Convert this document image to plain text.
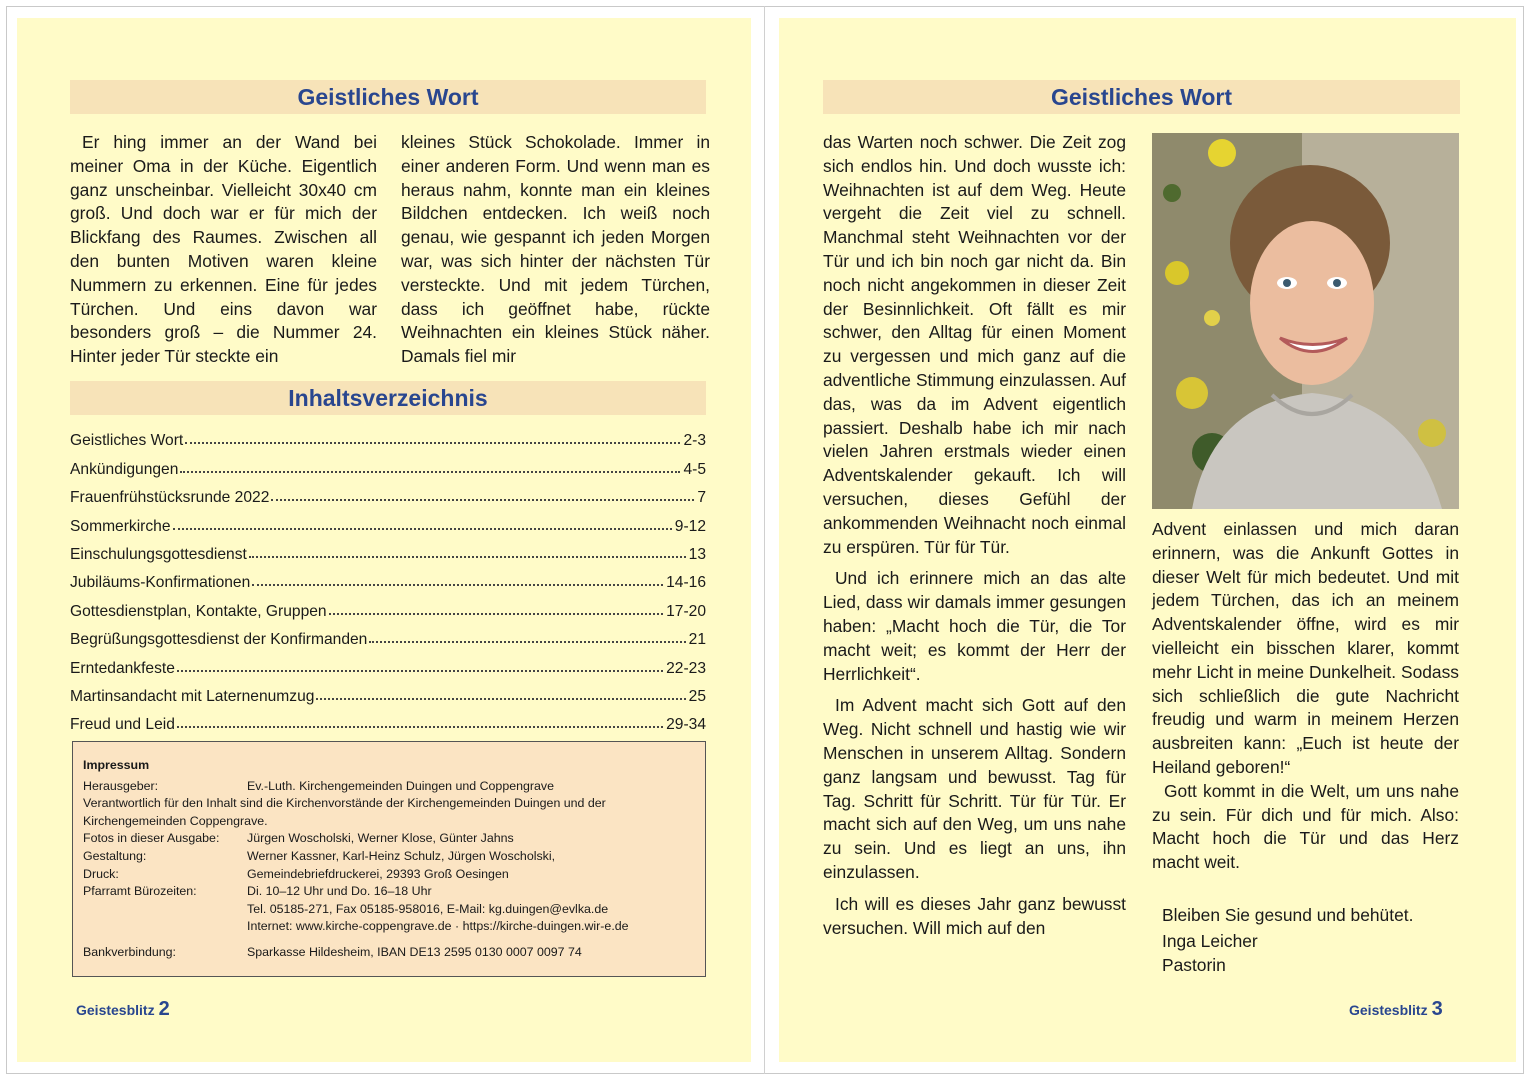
Geistliches Wort

Er hing immer an der Wand bei meiner Oma in der Küche. Eigentlich ganz unscheinbar. Vielleicht 30x40 cm groß. Und doch war er für mich der Blickfang des Raumes. Zwischen all den bunten Motiven waren kleine Nummern zu erkennen. Eine für jedes Türchen. Und eins davon war besonders groß – die Nummer 24. Hinter jeder Tür steckte ein

kleines Stück Schokolade. Immer in einer anderen Form. Und wenn man es heraus nahm, konnte man ein kleines Bildchen entdecken. Ich weiß noch genau, wie gespannt ich jeden Morgen war, was sich hinter der nächsten Tür versteckte. Und mit jedem Türchen, dass ich geöffnet habe, rückte Weihnachten ein kleines Stück näher. Damals fiel mir

Inhaltsverzeichnis
Geistliches Wort	2-3
Ankündigungen	4-5
Frauenfrühstücksrunde 2022	7
Sommerkirche	9-12
Einschulungsgottesdienst	13
Jubiläums-Konfirmationen	14-16
Gottesdienstplan, Kontakte, Gruppen	17-20
Begrüßungsgottesdienst der Konfirmanden	21
Erntedankfeste	22-23
Martinsandacht mit Laternenumzug	25
Freud und Leid	29-34
Impressum
Herausgeber:	Ev.-Luth. Kirchengemeinden Duingen und Coppengrave
Verantwortlich für den Inhalt sind die Kirchenvorstände der Kirchengemeinden Duingen und der Kirchengemeinden Coppengrave.
Fotos in dieser Ausgabe:	Jürgen Woscholski, Werner Klose, Günter Jahns
Gestaltung:	Werner Kassner, Karl-Heinz Schulz, Jürgen Woscholski,
Druck:	Gemeindebriefdruckerei, 29393 Groß Oesingen
Pfarramt Bürozeiten:	Di. 10–12 Uhr und Do. 16–18 Uhr
Tel. 05185-271, Fax 05185-958016, E-Mail: kg.duingen@evlka.de
Internet: www.kirche-coppengrave.de · https://kirche-duingen.wir-e.de
Bankverbindung:	Sparkasse Hildesheim, IBAN DE13 2595 0130 0007 0097 74
Geistesblitz 2
Geistliches Wort

das Warten noch schwer. Die Zeit zog sich endlos hin. Und doch wusste ich: Weihnachten ist auf dem Weg. Heute vergeht die Zeit viel zu schnell. Manchmal steht Weihnachten vor der Tür und ich bin noch gar nicht da. Bin noch nicht angekommen in dieser Zeit der Besinnlichkeit. Oft fällt es mir schwer, den Alltag für einen Moment zu vergessen und mich ganz auf die adventliche Stimmung einzulassen. Auf das, was da im Advent eigentlich passiert. Deshalb habe ich mir nach vielen Jahren erstmals wieder einen Adventskalender gekauft. Ich will versuchen, dieses Gefühl der ankommenden Weihnacht noch einmal zu erspüren. Tür für Tür.

Und ich erinnere mich an das alte Lied, dass wir damals immer gesungen haben: „Macht hoch die Tür, die Tor macht weit; es kommt der Herr der Herrlichkeit“.

Im Advent macht sich Gott auf den Weg. Nicht schnell und hastig wie wir Menschen in unserem Alltag. Sondern ganz langsam und bewusst. Tag für Tag. Schritt für Schritt. Tür für Tür. Er macht sich auf den Weg, um uns nahe zu sein. Und es liegt an uns, ihn einzulassen.

Ich will es dieses Jahr ganz bewusst versuchen. Will mich auf den

Advent einlassen und mich daran erinnern, was die Ankunft Gottes in dieser Welt für mich bedeutet. Und mit jedem Türchen, das ich an meinem Adventskalender öffne, wird es mir vielleicht ein bisschen klarer, kommt mehr Licht in meine Dunkelheit. Sodass sich schließlich die gute Nachricht freudig und warm in meinem Herzen ausbreiten kann: „Euch ist heute der Heiland geboren!“

Gott kommt in die Welt, um uns nahe zu sein. Für dich und für mich. Also: Macht hoch die Tür und das Herz macht weit.

Bleiben Sie gesund und behütet.
Inga Leicher
Pastorin
Geistesblitz 3
